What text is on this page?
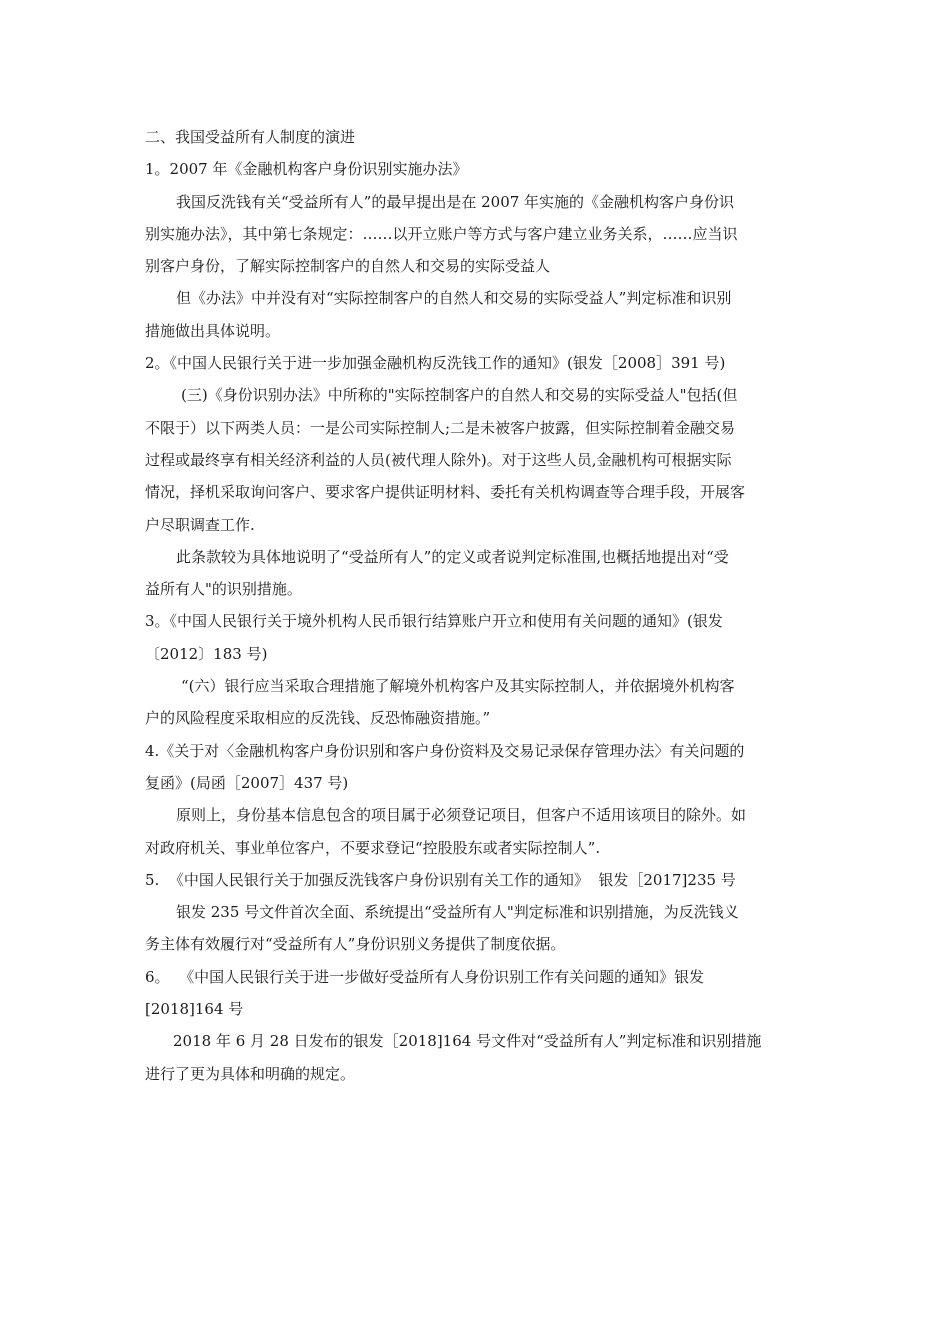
二、我国受益所有人制度的演进
1。2007 年《金融机构客户身份识别实施办法》
我国反洗钱有关“受益所有人”的最早提出是在 2007 年实施的《金融机构客户身份识
别实施办法》，其中第七条规定：……以开立账户等方式与客户建立业务关系，……应当识
别客户身份，了解实际控制客户的自然人和交易的实际受益人
但《办法》中并没有对“实际控制客户的自然人和交易的实际受益人”判定标准和识别
措施做出具体说明。
2。《中国人民银行关于进一步加强金融机构反洗钱工作的通知》(银发［2008］391 号)
(三)《身份识别办法》中所称的"实际控制客户的自然人和交易的实际受益人"包括(但
不限于）以下两类人员：一是公司实际控制人;二是未被客户披露，但实际控制着金融交易
过程或最终享有相关经济利益的人员(被代理人除外)。对于这些人员,金融机构可根据实际
情况，择机采取询问客户、要求客户提供证明材料、委托有关机构调查等合理手段，开展客
户尽职调查工作.
此条款较为具体地说明了“受益所有人”的定义或者说判定标准围,也概括地提出对“受
益所有人"的识别措施。
3。《中国人民银行关于境外机构人民币银行结算账户开立和使用有关问题的通知》(银发
〔2012〕183 号)
“(六）银行应当采取合理措施了解境外机构客户及其实际控制人，并依据境外机构客
户的风险程度采取相应的反洗钱、反恐怖融资措施。”
4.《关于对〈金融机构客户身份识别和客户身份资料及交易记录保存管理办法〉有关问题的
复函》(局函［2007］437 号)
原则上，身份基本信息包含的项目属于必须登记项目，但客户不适用该项目的除外。如
对政府机关、事业单位客户，不要求登记“控股股东或者实际控制人”.
5.  《中国人民银行关于加强反洗钱客户身份识别有关工作的通知》  银发［2017]235 号
银发 235 号文件首次全面、系统提出“受益所有人"判定标准和识别措施，为反洗钱义
务主体有效履行对“受益所有人”身份识别义务提供了制度依据。
6。  《中国人民银行关于进一步做好受益所有人身份识别工作有关问题的通知》银发
[2018]164 号
2018 年 6 月 28 日发布的银发［2018]164 号文件对“受益所有人”判定标准和识别措施
进行了更为具体和明确的规定。
